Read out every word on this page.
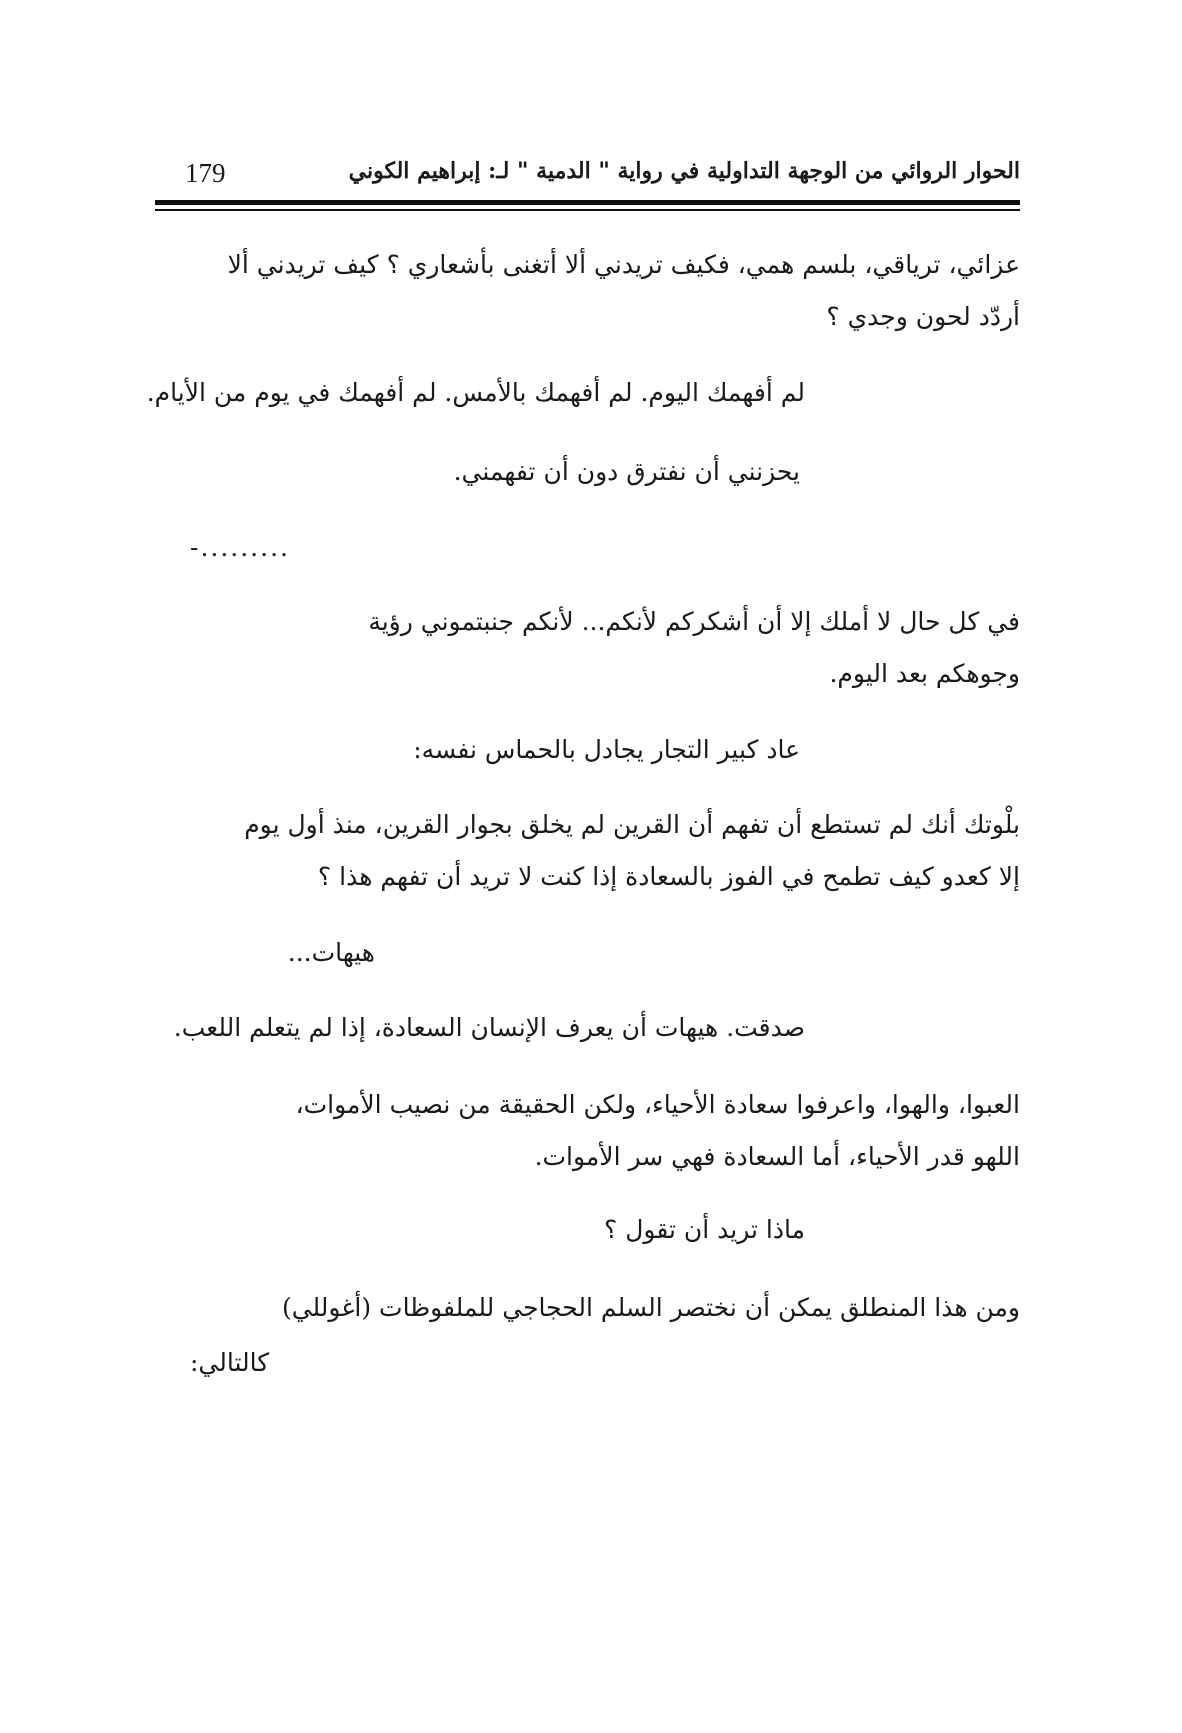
الحوار الروائي من الوجهة التداولية في رواية " الدمية " لـ: إبراهيم الكوني
179
عزائي، ترياقي، بلسم همي، فكيف تريدني ألا أتغنى بأشعاري ؟ كيف تريدني ألا
أردّد لحون وجدي ؟
لم أفهمك اليوم. لم أفهمك بالأمس. لم أفهمك في يوم من الأيام.
يحزنني أن نفترق دون أن تفهمني.
-.........
في كل حال لا أملك إلا أن أشكركم لأنكم... لأنكم جنبتموني رؤية
وجوهكم بعد اليوم.
عاد كبير التجار يجادل بالحماس نفسه:
بلْوتك أنك لم تستطع أن تفهم أن القرين لم يخلق بجوار القرين، منذ أول يوم
إلا كعدو كيف تطمح في الفوز بالسعادة إذا كنت لا تريد أن تفهم هذا ؟
هيهات...
صدقت. هيهات أن يعرف الإنسان السعادة، إذا لم يتعلم اللعب.
العبوا، والهوا، واعرفوا سعادة الأحياء، ولكن الحقيقة من نصيب الأموات،
اللهو قدر الأحياء، أما السعادة فهي سر الأموات.
ماذا تريد أن تقول ؟
ومن هذا المنطلق يمكن أن نختصر السلم الحجاجي للملفوظات (أغوللي)
كالتالي:
